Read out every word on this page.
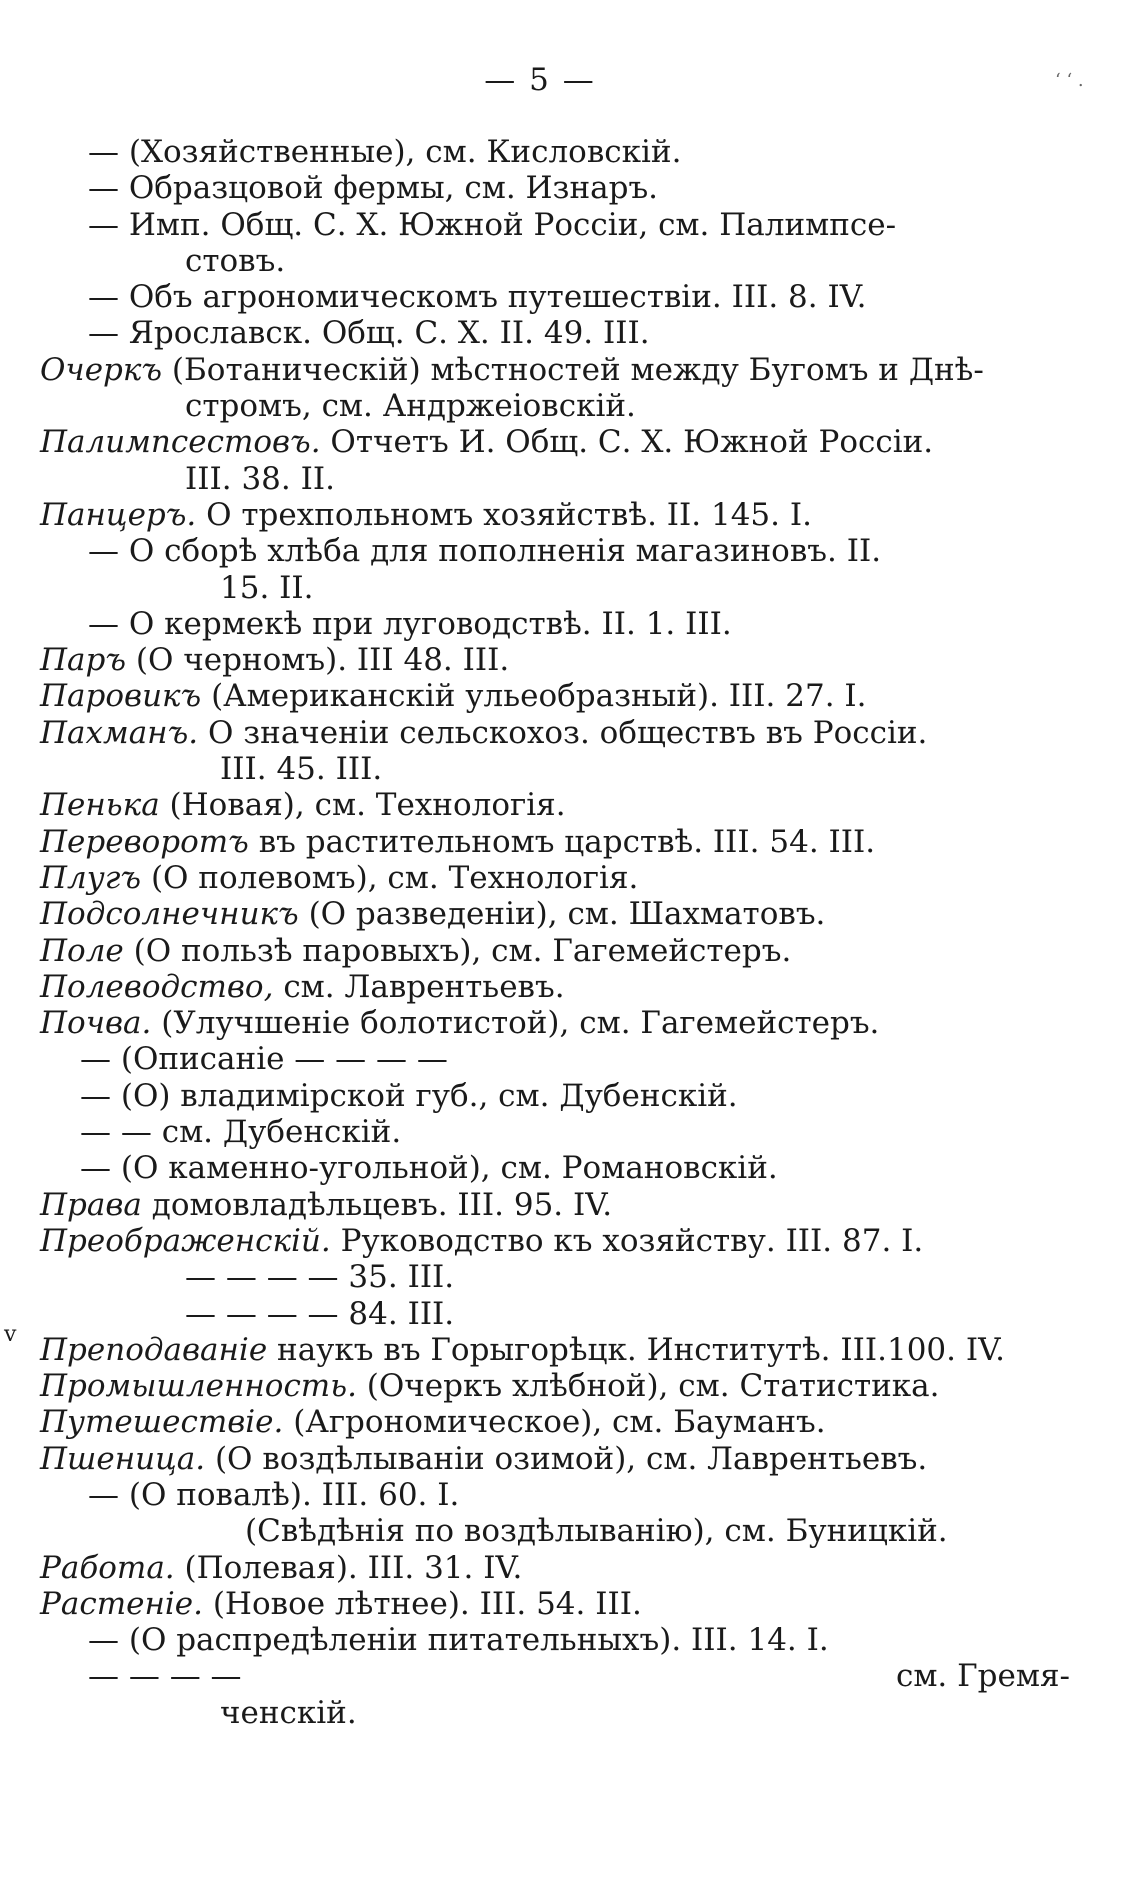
— 5 —	‘ ‘ .
v
— (Хозяйственные), см. Кисловскій.
— Образцовой фермы, см. Изнаръ.
— Имп. Общ. С. Х. Южной Россіи, см. Палимпсе-
стовъ.
— Объ агрономическомъ путешествіи. III. 8. IV.
— Ярославск. Общ. С. Х. II. 49. III.
Очеркъ (Ботаническій) мѣстностей между Бугомъ и Днѣ-
стромъ, см. Андржеіовскій.
Палимпсестовъ. Отчетъ И. Общ. С. Х. Южной Россіи.
III. 38. II.
Панцеръ. О трехпольномъ хозяйствѣ. II. 145. I.
— О сборѣ хлѣба для пополненія магазиновъ. II.
15. II.
— О кермекѣ при луговодствѣ. II. 1. III.
Паръ (О черномъ). III 48. III.
Паровикъ (Американскій ульеобразный). III. 27. I.
Пахманъ. О значеніи сельскохоз. обществъ въ Россіи.
III. 45. III.
Пенька (Новая), см. Технологія.
Переворотъ въ растительномъ царствѣ. III. 54. III.
Плугъ (О полевомъ), см. Технологія.
Подсолнечникъ (О разведеніи), см. Шахматовъ.
Поле (О пользѣ паровыхъ), см. Гагемейстеръ.
Полеводство, см. Лаврентьевъ.
Почва. (Улучшеніе болотистой), см. Гагемейстеръ.
— (Описаніе — — — —
— (О) владимірской губ., см. Дубенскій.
— — см. Дубенскій.
— (О каменно-угольной), см. Романовскій.
Права домовладѣльцевъ. III. 95. IV.
Преображенскій. Руководство къ хозяйству. III. 87. I.
— — — — 35. III.
— — — — 84. III.
Преподаваніе наукъ въ Горыгорѣцк. Институтѣ. III.100. IV.
Промышленность. (Очеркъ хлѣбной), см. Статистика.
Путешествіе. (Агрономическое), см. Бауманъ.
Пшеница. (О воздѣлываніи озимой), см. Лаврентьевъ.
— (О повалѣ). III. 60. I.
(Свѣдѣнія по воздѣлыванію), см. Буницкій.
Работа. (Полевая). III. 31. IV.
Растеніе. (Новое лѣтнее). III. 54. III.
— (О распредѣленіи питательныхъ). III. 14. I.
— — — —	см. Гремя-
ченскій.
